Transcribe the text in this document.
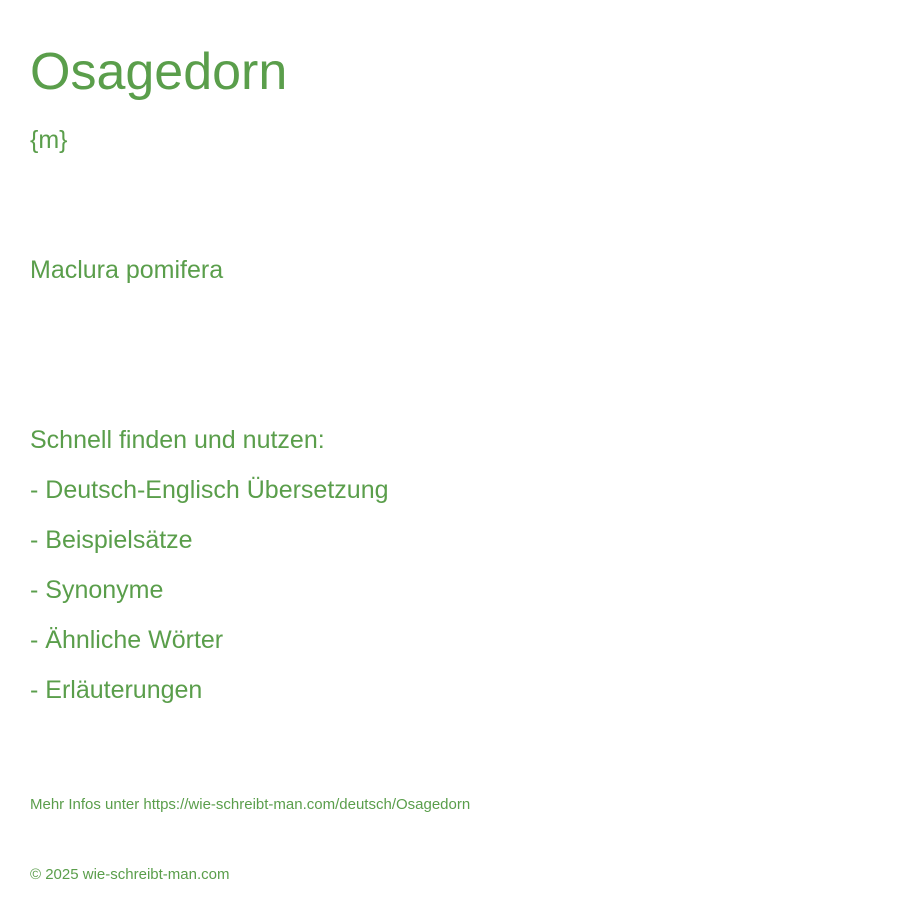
Osagedorn
{m}
Maclura pomifera
Schnell finden und nutzen:
- Deutsch-Englisch Übersetzung
- Beispielsätze
- Synonyme
- Ähnliche Wörter
- Erläuterungen
Mehr Infos unter https://wie-schreibt-man.com/deutsch/Osagedorn
© 2025 wie-schreibt-man.com
